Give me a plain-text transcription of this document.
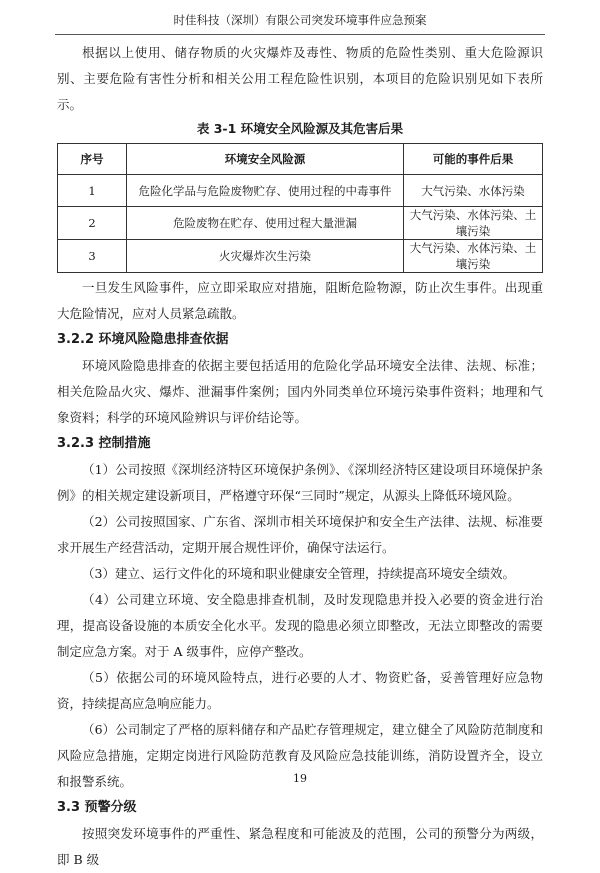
时佳科技（深圳）有限公司突发环境事件应急预案

根据以上使用、储存物质的火灾爆炸及毒性、物质的危险性类别、重大危险源识别、主要危险有害性分析和相关公用工程危险性识别，本项目的危险识别见如下表所示。

表 3-1 环境安全风险源及其危害后果
序号	环境安全风险源	可能的事件后果
1	危险化学品与危险废物贮存、使用过程的中毒事件	大气污染、水体污染
2	危险废物在贮存、使用过程大量泄漏	大气污染、水体污染、土壤污染
3	火灾爆炸次生污染	大气污染、水体污染、土壤污染

一旦发生风险事件，应立即采取应对措施，阻断危险物源，防止次生事件。出现重大危险情况，应对人员紧急疏散。

3.2.2 环境风险隐患排查依据

环境风险隐患排查的依据主要包括适用的危险化学品环境安全法律、法规、标准；相关危险品火灾、爆炸、泄漏事件案例；国内外同类单位环境污染事件资料；地理和气象资料；科学的环境风险辨识与评价结论等。

3.2.3 控制措施

（1）公司按照《深圳经济特区环境保护条例》、《深圳经济特区建设项目环境保护条例》的相关规定建设新项目，严格遵守环保“三同时”规定，从源头上降低环境风险。

（2）公司按照国家、广东省、深圳市相关环境保护和安全生产法律、法规、标准要求开展生产经营活动，定期开展合规性评价，确保守法运行。

（3）建立、运行文件化的环境和职业健康安全管理，持续提高环境安全绩效。

（4）公司建立环境、安全隐患排查机制，及时发现隐患并投入必要的资金进行治理，提高设备设施的本质安全化水平。发现的隐患必须立即整改，无法立即整改的需要制定应急方案。对于 A 级事件，应停产整改。

（5）依据公司的环境风险特点，进行必要的人才、物资贮备，妥善管理好应急物资，持续提高应急响应能力。

（6）公司制定了严格的原料储存和产品贮存管理规定，建立健全了风险防范制度和风险应急措施，定期定岗进行风险防范教育及风险应急技能训练，消防设置齐全，设立和报警系统。

3.3 预警分级

按照突发环境事件的严重性、紧急程度和可能波及的范围，公司的预警分为两级，即 B 级

19
